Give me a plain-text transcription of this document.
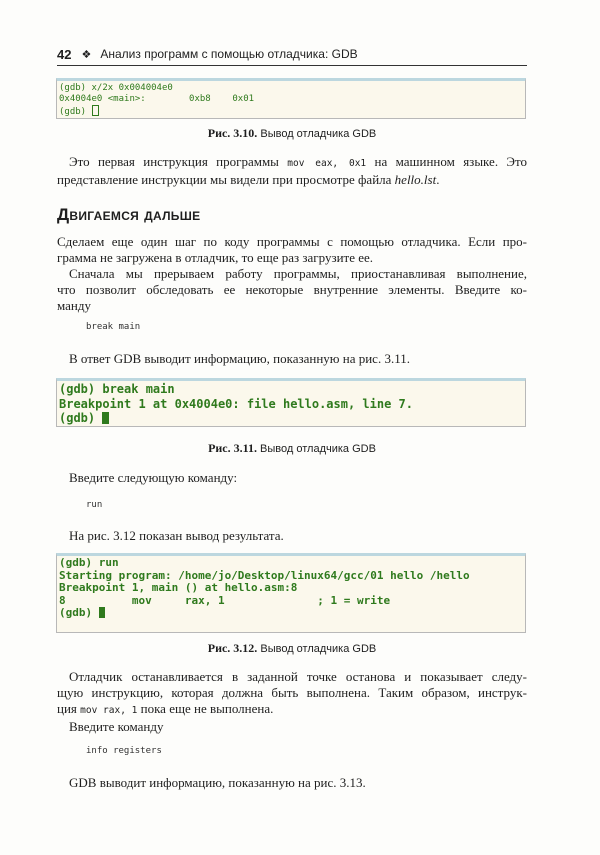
42 ❖ Анализ программ с помощью отладчика: GDB
(gdb) x/2x 0x004004e0
0x4004e0 <main>:        0xb8    0x01
(gdb)
Рис. 3.10. Вывод отладчика GDB
Это первая инструкция программы mov eax, 0x1 на машинном языке. Это
представление инструкции мы видели при просмотре файла hello.lst.
Двигаемся дальше
Сделаем еще один шаг по коду программы с помощью отладчика. Если про-
грамма не загружена в отладчик, то еще раз загрузите ее.
Сначала мы прерываем работу программы, приостанавливая выполнение,
что позволит обследовать ее некоторые внутренние элементы. Введите ко-
манду
break main
В ответ GDB выводит информацию, показанную на рис. 3.11.
(gdb) break main
Breakpoint 1 at 0x4004e0: file hello.asm, line 7.
(gdb)
Рис. 3.11. Вывод отладчика GDB
Введите следующую команду:
run
На рис. 3.12 показан вывод результата.
(gdb) run
Starting program: /home/jo/Desktop/linux64/gcc/01 hello /hello
Breakpoint 1, main () at hello.asm:8
8          mov     rax, 1              ; 1 = write
(gdb)
Рис. 3.12. Вывод отладчика GDB
Отладчик останавливается в заданной точке останова и показывает следу-
щую инструкцию, которая должна быть выполнена. Таким образом, инструк-
ция mov rax, 1 пока еще не выполнена.
Введите команду
info registers
GDB выводит информацию, показанную на рис. 3.13.
